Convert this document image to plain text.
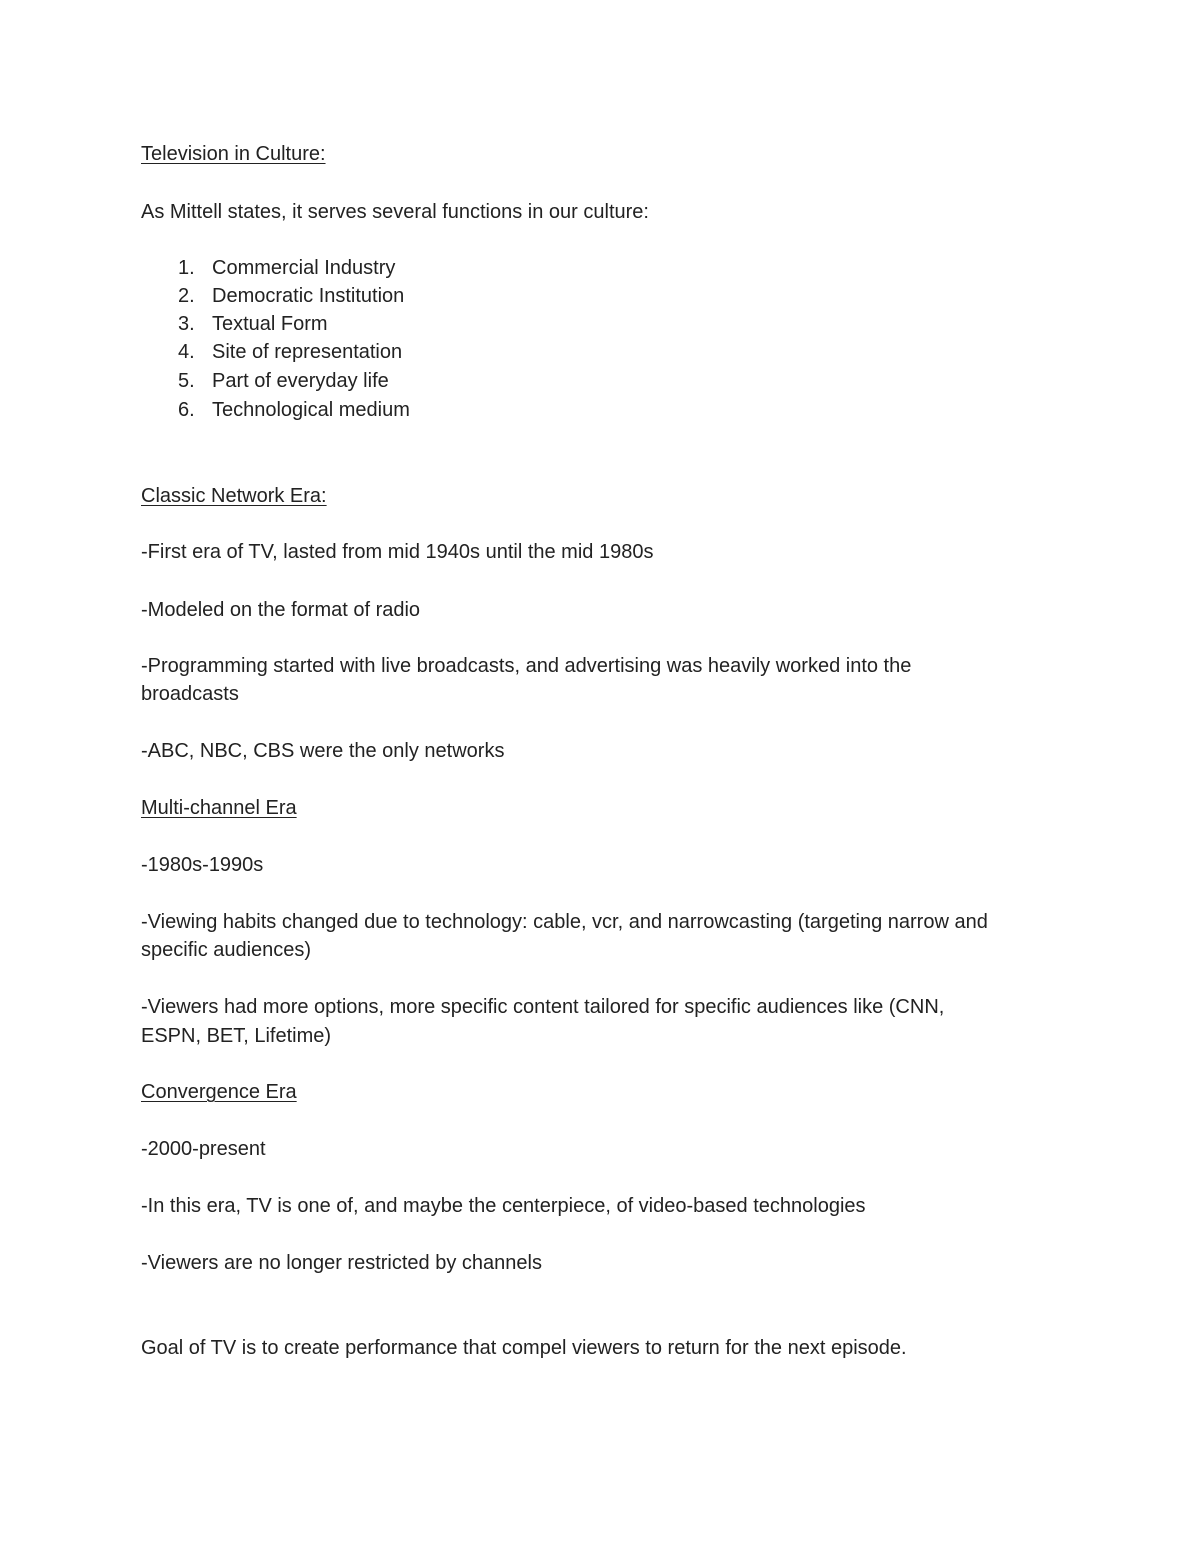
Television in Culture:
As Mittell states, it serves several functions in our culture:
1. Commercial Industry
2. Democratic Institution
3. Textual Form
4. Site of representation
5. Part of everyday life
6. Technological medium
Classic Network Era:
-First era of TV, lasted from mid 1940s until the mid 1980s
-Modeled on the format of radio
-Programming started with live broadcasts, and advertising was heavily worked into the
broadcasts
-ABC, NBC, CBS were the only networks
Multi-channel Era
-1980s-1990s
-Viewing habits changed due to technology: cable, vcr, and narrowcasting (targeting narrow and
specific audiences)
-Viewers had more options, more specific content tailored for specific audiences like (CNN,
ESPN, BET, Lifetime)
Convergence Era
-2000-present
-In this era, TV is one of, and maybe the centerpiece, of video-based technologies
-Viewers are no longer restricted by channels
Goal of TV is to create performance that compel viewers to return for the next episode.
